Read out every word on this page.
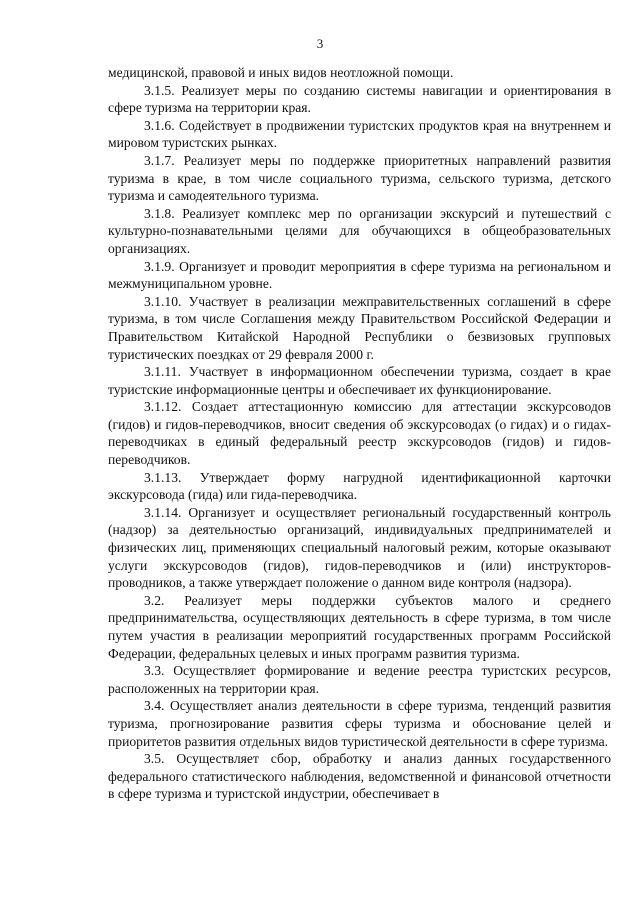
3

медицинской, правовой и иных видов неотложной помощи.

3.1.5. Реализует меры по созданию системы навигации и ориентирования в сфере туризма на территории края.

3.1.6. Содействует в продвижении туристских продуктов края на внутреннем и мировом туристских рынках.

3.1.7. Реализует меры по поддержке приоритетных направлений развития туризма в крае, в том числе социального туризма, сельского туризма, детского туризма и самодеятельного туризма.

3.1.8. Реализует комплекс мер по организации экскурсий и путешествий с культурно-познавательными целями для обучающихся в общеобразовательных организациях.

3.1.9. Организует и проводит мероприятия в сфере туризма на региональном и межмуниципальном уровне.

3.1.10. Участвует в реализации межправительственных соглашений в сфере туризма, в том числе Соглашения между Правительством Российской Федерации и Правительством Китайской Народной Республики о безвизовых групповых туристических поездках от 29 февраля 2000 г.

3.1.11. Участвует в информационном обеспечении туризма, создает в крае туристские информационные центры и обеспечивает их функционирование.

3.1.12. Создает аттестационную комиссию для аттестации экскурсоводов (гидов) и гидов-переводчиков, вносит сведения об экскурсоводах (о гидах) и о гидах-переводчиках в единый федеральный реестр экскурсоводов (гидов) и гидов-переводчиков.

3.1.13. Утверждает форму нагрудной идентификационной карточки экскурсовода (гида) или гида-переводчика.

3.1.14. Организует и осуществляет региональный государственный контроль (надзор) за деятельностью организаций, индивидуальных предпринимателей и физических лиц, применяющих специальный налоговый режим, которые оказывают услуги экскурсоводов (гидов), гидов-переводчиков и (или) инструкторов-проводников, а также утверждает положение о данном виде контроля (надзора).

3.2. Реализует меры поддержки субъектов малого и среднего предпринимательства, осуществляющих деятельность в сфере туризма, в том числе путем участия в реализации мероприятий государственных программ Российской Федерации, федеральных целевых и иных программ развития туризма.

3.3. Осуществляет формирование и ведение реестра туристских ресурсов, расположенных на территории края.

3.4. Осуществляет анализ деятельности в сфере туризма, тенденций развития туризма, прогнозирование развития сферы туризма и обоснование целей и приоритетов развития отдельных видов туристической деятельности в сфере туризма.

3.5. Осуществляет сбор, обработку и анализ данных государственного федерального статистического наблюдения, ведомственной и финансовой отчетности в сфере туризма и туристской индустрии, обеспечивает в
